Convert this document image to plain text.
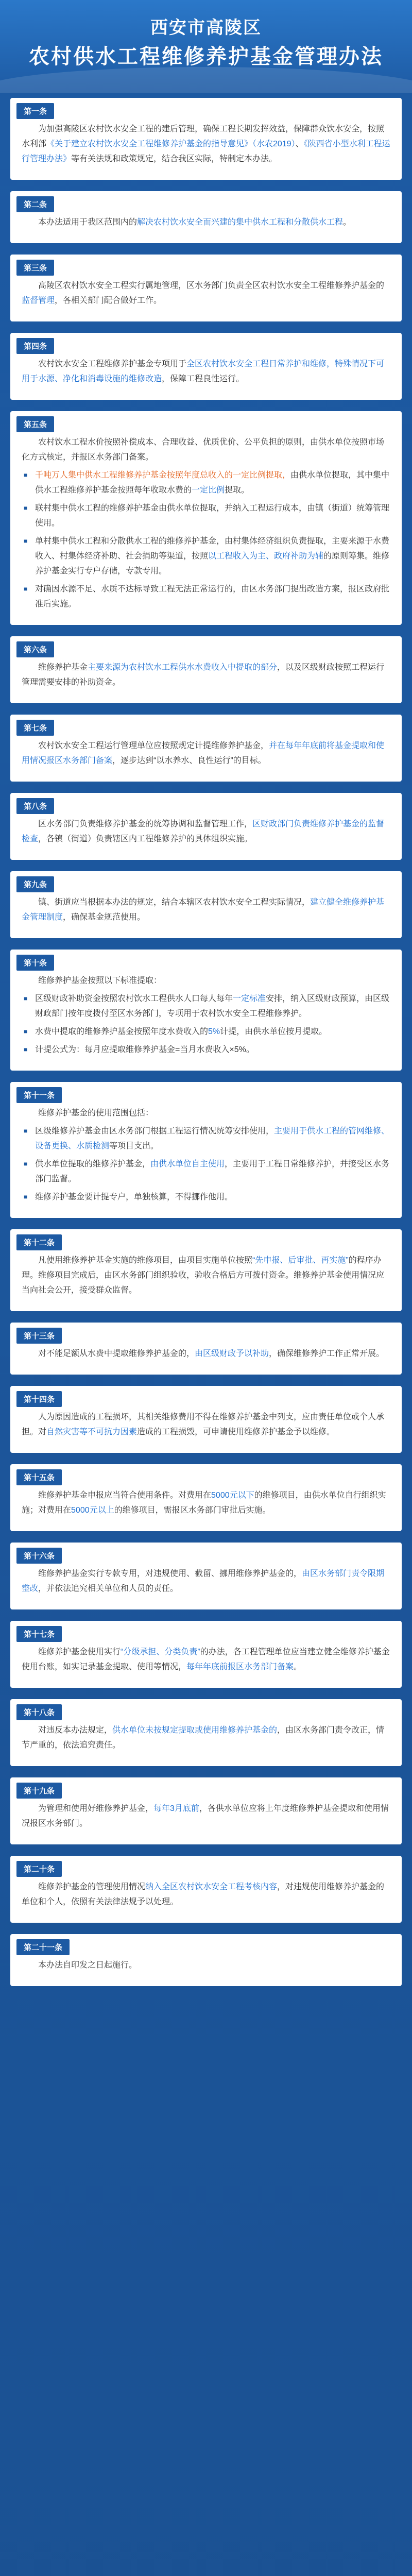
西安市高陵区
农村供水工程维修养护基金管理办法
第一条

为加强高陵区农村饮水安全工程的建后管理，确保工程长期发挥效益，保障群众饮水安全，按照水利部《关于建立农村饮水安全工程维修养护基金的指导意见》（水农2019）、《陕西省小型水利工程运行管理办法》等有关法规和政策规定，结合我区实际，特制定本办法。

第二条

本办法适用于我区范围内的解决农村饮水安全而兴建的集中供水工程和分散供水工程。

第三条

高陵区农村饮水安全工程实行属地管理，区水务部门负责全区农村饮水安全工程维修养护基金的监督管理，各相关部门配合做好工作。

第四条

农村饮水安全工程维修养护基金专项用于全区农村饮水安全工程日常养护和维修，特殊情况下可用于水源、净化和消毒设施的维修改造，保障工程良性运行。

第五条

农村饮水工程水价按照补偿成本、合理收益、优质优价、公平负担的原则，由供水单位按照市场化方式核定，并报区水务部门备案。

■ 千吨万人集中供水工程维修养护基金按照年度总收入的一定比例提取，由供水单位提取，其中集中供水工程维修养护基金按照每年收取水费的一定比例提取。

■ 联村集中供水工程的维修养护基金由供水单位提取，并纳入工程运行成本，由镇（街道）统筹管理使用。

■ 单村集中供水工程和分散供水工程的维修养护基金，由村集体经济组织负责提取，主要来源于水费收入、村集体经济补助、社会捐助等渠道，按照以工程收入为主、政府补助为辅的原则筹集。维修养护基金实行专户存储，专款专用。

■ 对确因水源不足、水质不达标导致工程无法正常运行的，由区水务部门提出改造方案，报区政府批准后实施。

第六条

维修养护基金主要来源为农村饮水工程供水水费收入中提取的部分，以及区级财政按照工程运行管理需要安排的补助资金。

第七条

农村饮水安全工程运行管理单位应按照规定计提维修养护基金，并在每年年底前将基金提取和使用情况报区水务部门备案，逐步达到“以水养水、良性运行”的目标。

第八条

区水务部门负责维修养护基金的统筹协调和监督管理工作，区财政部门负责维修养护基金的监督检查，各镇（街道）负责辖区内工程维修养护的具体组织实施。

第九条

镇、街道应当根据本办法的规定，结合本辖区农村饮水安全工程实际情况，建立健全维修养护基金管理制度，确保基金规范使用。

第十条

维修养护基金按照以下标准提取：

■ 区级财政补助资金按照农村饮水工程供水人口每人每年一定标准安排，纳入区级财政预算，由区级财政部门按年度拨付至区水务部门，专项用于农村饮水安全工程维修养护。

■ 水费中提取的维修养护基金按照年度水费收入的5%计提，由供水单位按月提取。

■ 计提公式为：每月应提取维修养护基金=当月水费收入×5%。

第十一条

维修养护基金的使用范围包括：

■ 区级维修养护基金由区水务部门根据工程运行情况统筹安排使用，主要用于供水工程的管网维修、设备更换、水质检测等项目支出。

■ 供水单位提取的维修养护基金，由供水单位自主使用，主要用于工程日常维修养护，并接受区水务部门监督。

■ 维修养护基金要计提专户，单独核算，不得挪作他用。

第十二条

凡使用维修养护基金实施的维修项目，由项目实施单位按照“先申报、后审批、再实施”的程序办理。维修项目完成后，由区水务部门组织验收，验收合格后方可拨付资金。维修养护基金使用情况应当向社会公开，接受群众监督。

第十三条

对不能足额从水费中提取维修养护基金的，由区级财政予以补助，确保维修养护工作正常开展。

第十四条

人为原因造成的工程损坏，其相关维修费用不得在维修养护基金中列支，应由责任单位或个人承担。对自然灾害等不可抗力因素造成的工程损毁，可申请使用维修养护基金予以维修。

第十五条

维修养护基金申报应当符合使用条件。对费用在5000元以下的维修项目，由供水单位自行组织实施；对费用在5000元以上的维修项目，需报区水务部门审批后实施。

第十六条

维修养护基金实行专款专用，对违规使用、截留、挪用维修养护基金的，由区水务部门责令限期整改，并依法追究相关单位和人员的责任。

第十七条

维修养护基金使用实行“分级承担、分类负责”的办法，各工程管理单位应当建立健全维修养护基金使用台账，如实记录基金提取、使用等情况，每年年底前报区水务部门备案。

第十八条

对违反本办法规定，供水单位未按规定提取或使用维修养护基金的，由区水务部门责令改正，情节严重的，依法追究责任。

第十九条

为管理和使用好维修养护基金，每年3月底前，各供水单位应将上年度维修养护基金提取和使用情况报区水务部门。

第二十条

维修养护基金的管理使用情况纳入全区农村饮水安全工程考核内容，对违规使用维修养护基金的单位和个人，依照有关法律法规予以处理。

第二十一条

本办法自印发之日起施行。
